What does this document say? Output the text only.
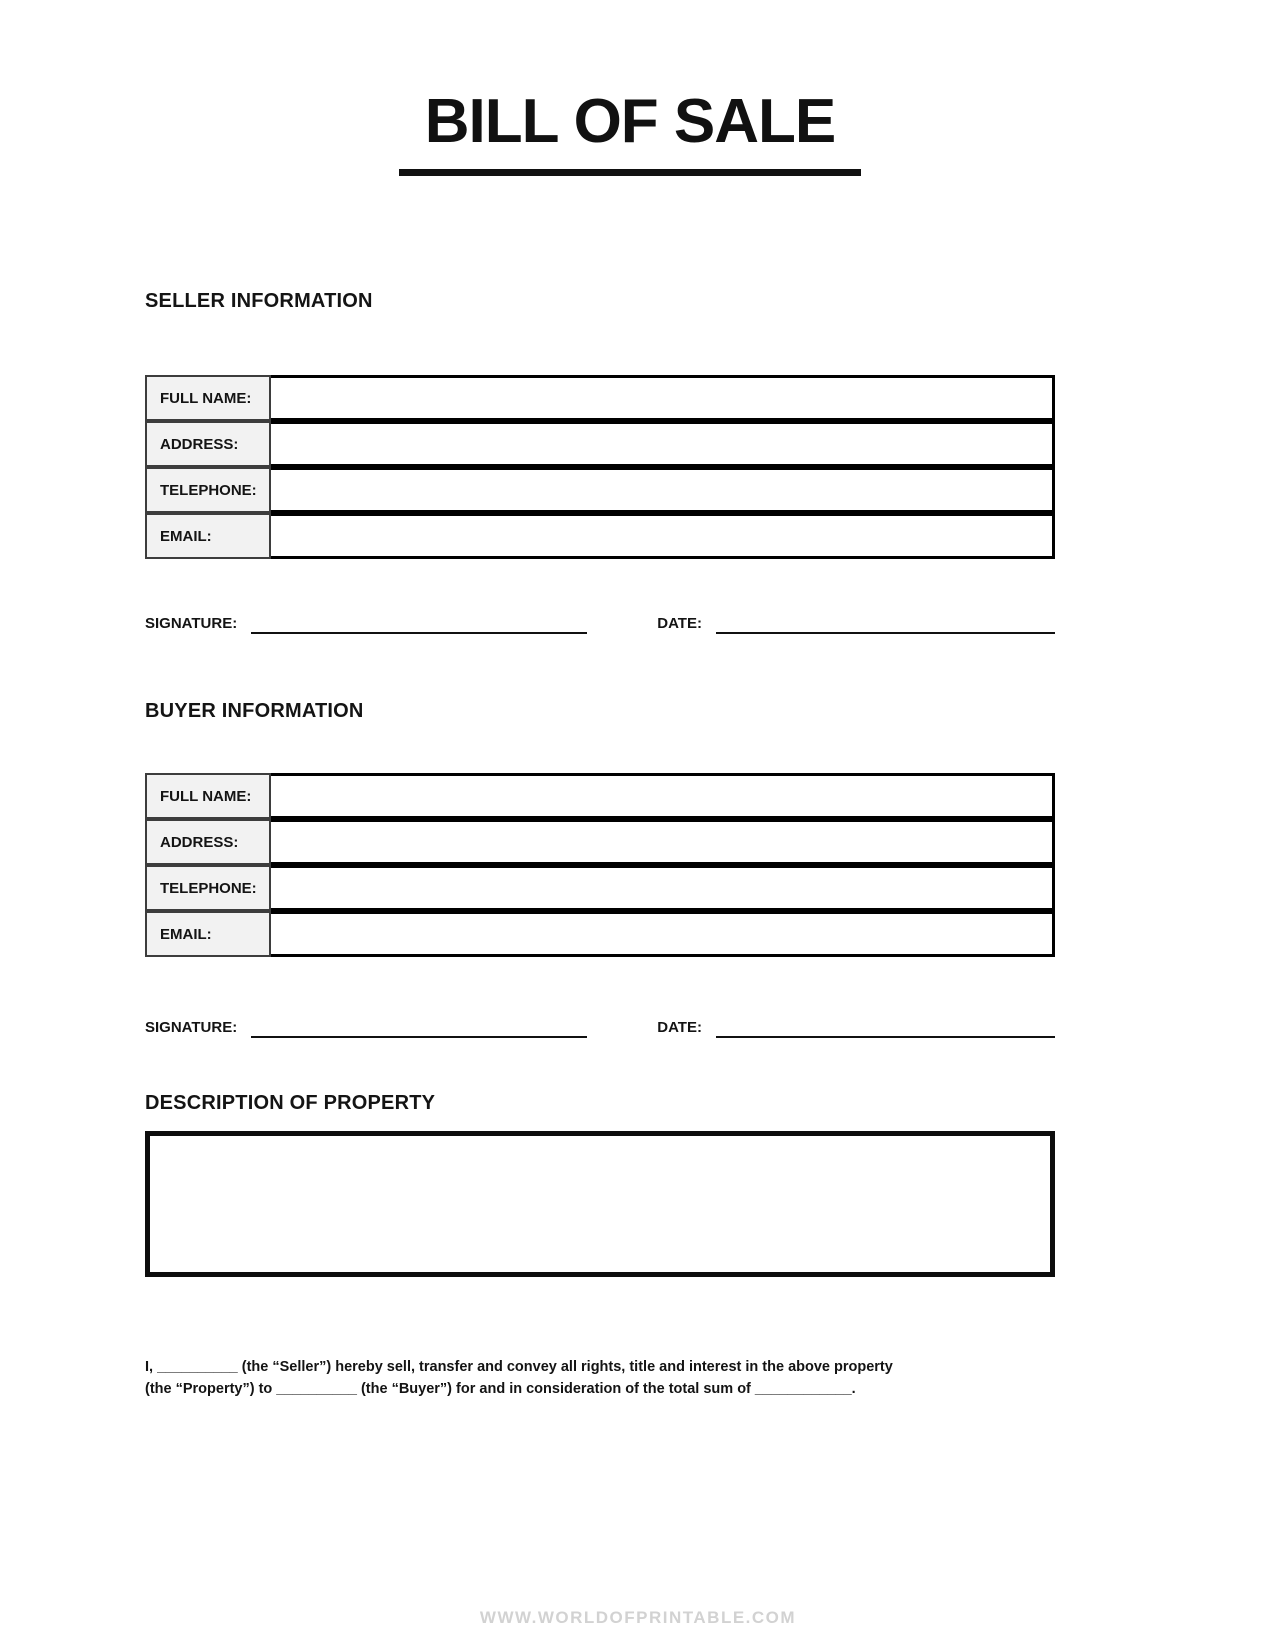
BILL OF SALE
SELLER INFORMATION
FULL NAME:	
ADDRESS:	
TELEPHONE:	
EMAIL:	
SIGNATURE:	DATE:
BUYER INFORMATION
FULL NAME:	
ADDRESS:	
TELEPHONE:	
EMAIL:	
SIGNATURE:	DATE:
DESCRIPTION OF PROPERTY
I, __________ (the “Seller”) hereby sell, transfer and convey all rights, title and interest in the above property
(the “Property”) to __________ (the “Buyer”) for and in consideration of the total sum of ____________.
WWW.WORLDOFPRINTABLE.COM
